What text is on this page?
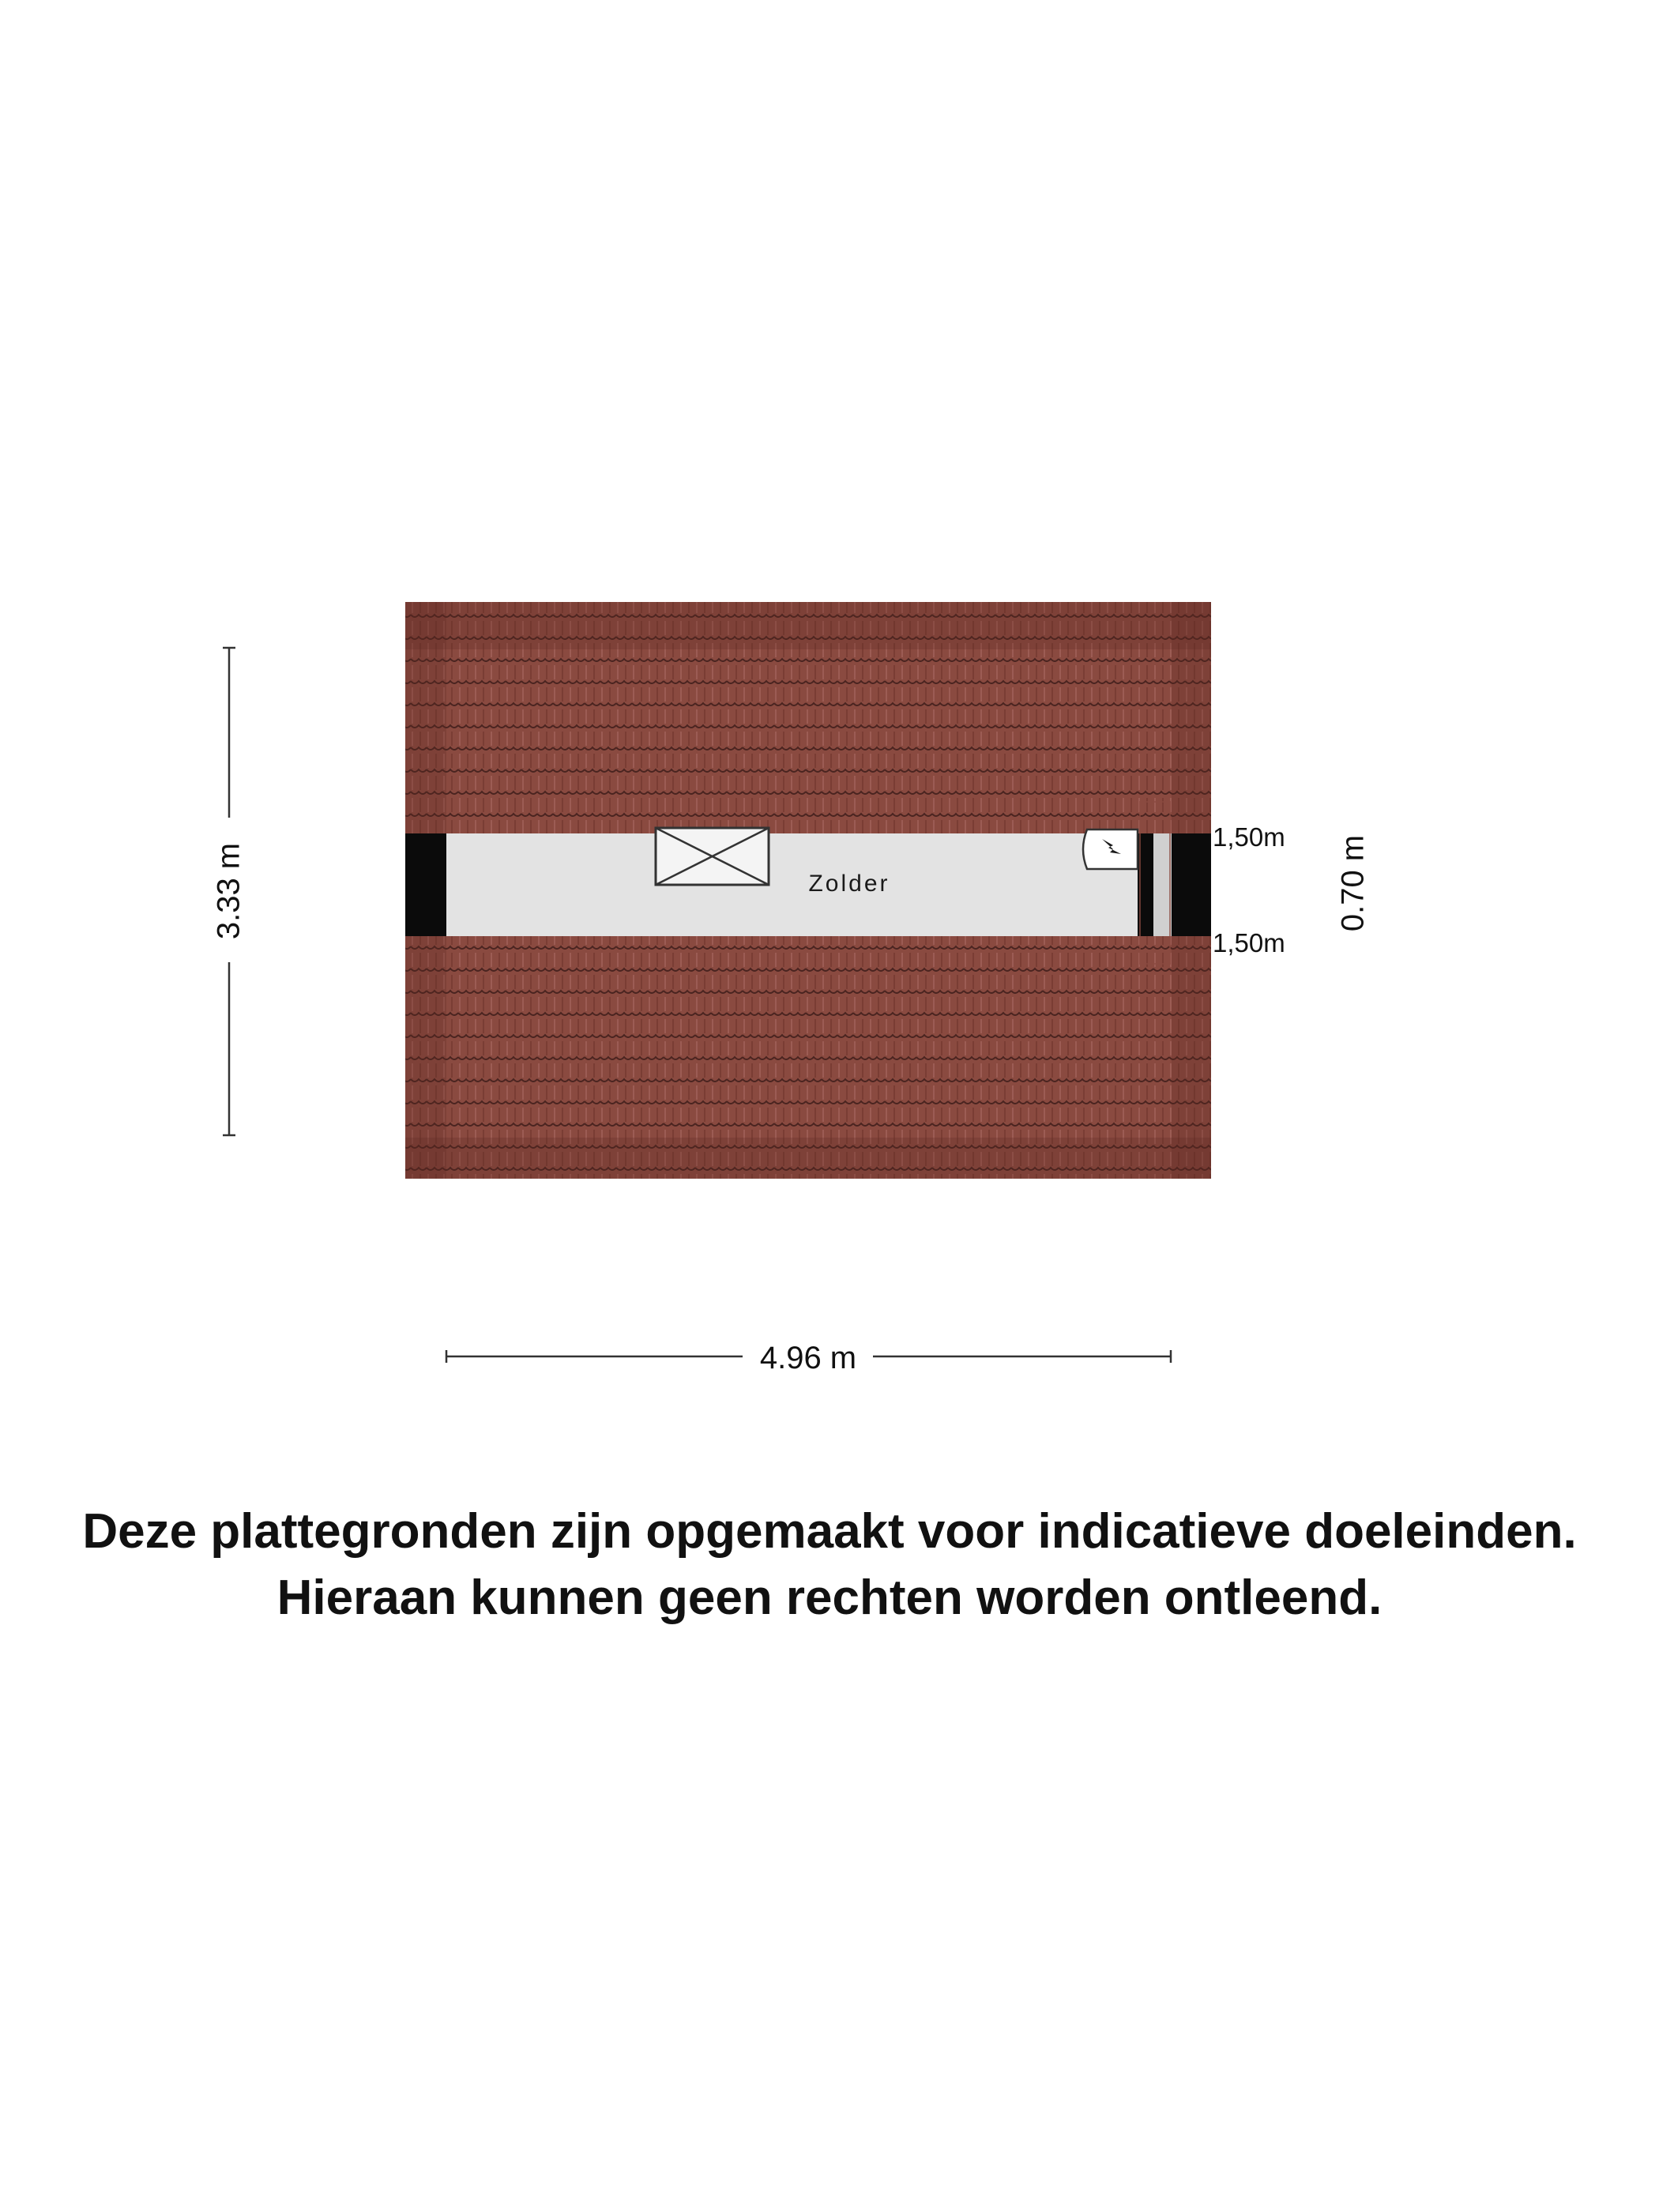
Zolder
1,50m
1,50m
0.70 m
3.33 m
4.96 m
Deze plattegronden zijn opgemaakt voor indicatieve doeleinden.
Hieraan kunnen geen rechten worden ontleend.
